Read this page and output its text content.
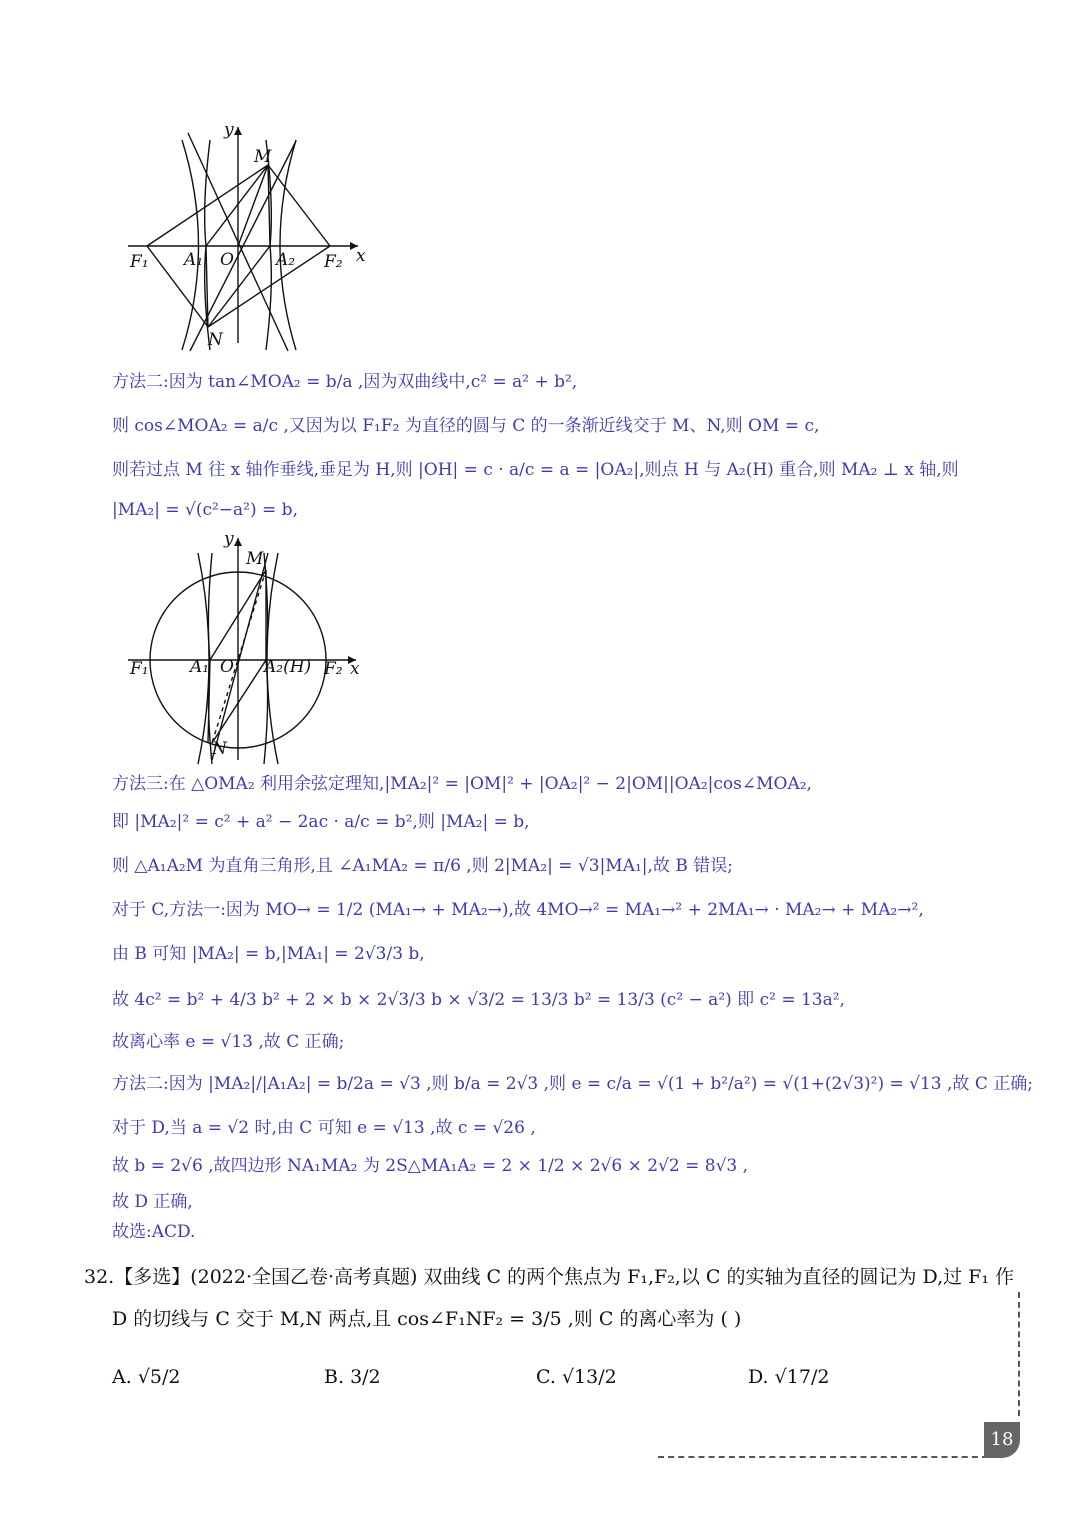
y
x
M
N
F₁ A₁ O A₂ F₂
方法二:因为 tan∠MOA₂ = b/a ,因为双曲线中,c² = a² + b²,
则 cos∠MOA₂ = a/c ,又因为以 F₁F₂ 为直径的圆与 C 的一条渐近线交于 M、N,则 OM = c,
则若过点 M 往 x 轴作垂线,垂足为 H,则 |OH| = c · a/c = a = |OA₂|,则点 H 与 A₂(H) 重合,则 MA₂ ⊥ x 轴,则
|MA₂| = √(c²−a²) = b,
y
x
M
N
F₁ A₁ O A₂(H) F₂
方法三:在 △OMA₂ 利用余弦定理知,|MA₂|² = |OM|² + |OA₂|² − 2|OM||OA₂|cos∠MOA₂,
即 |MA₂|² = c² + a² − 2ac · a/c = b²,则 |MA₂| = b,
则 △A₁A₂M 为直角三角形,且 ∠A₁MA₂ = π/6 ,则 2|MA₂| = √3|MA₁|,故 B 错误;
对于 C,方法一:因为 MO→ = 1/2 (MA₁→ + MA₂→),故 4MO→² = MA₁→² + 2MA₁→ · MA₂→ + MA₂→²,
由 B 可知 |MA₂| = b,|MA₁| = 2√3/3 b,
故 4c² = b² + 4/3 b² + 2 × b × 2√3/3 b × √3/2 = 13/3 b² = 13/3 (c² − a²) 即 c² = 13a²,
故离心率 e = √13 ,故 C 正确;
方法二:因为 |MA₂|/|A₁A₂| = b/2a = √3 ,则 b/a = 2√3 ,则 e = c/a = √(1 + b²/a²) = √(1+(2√3)²) = √13 ,故 C 正确;
对于 D,当 a = √2 时,由 C 可知 e = √13 ,故 c = √26 ,
故 b = 2√6 ,故四边形 NA₁MA₂ 为 2S△MA₁A₂ = 2 × 1/2 × 2√6 × 2√2 = 8√3 ,
故 D 正确,
故选:ACD.
32.【多选】(2022·全国乙卷·高考真题) 双曲线 C 的两个焦点为 F₁,F₂,以 C 的实轴为直径的圆记为 D,过 F₁ 作
D 的切线与 C 交于 M,N 两点,且 cos∠F₁NF₂ = 3/5 ,则 C 的离心率为 ( )
A. √5/2	B. 3/2	C. √13/2	D. √17/2
18
